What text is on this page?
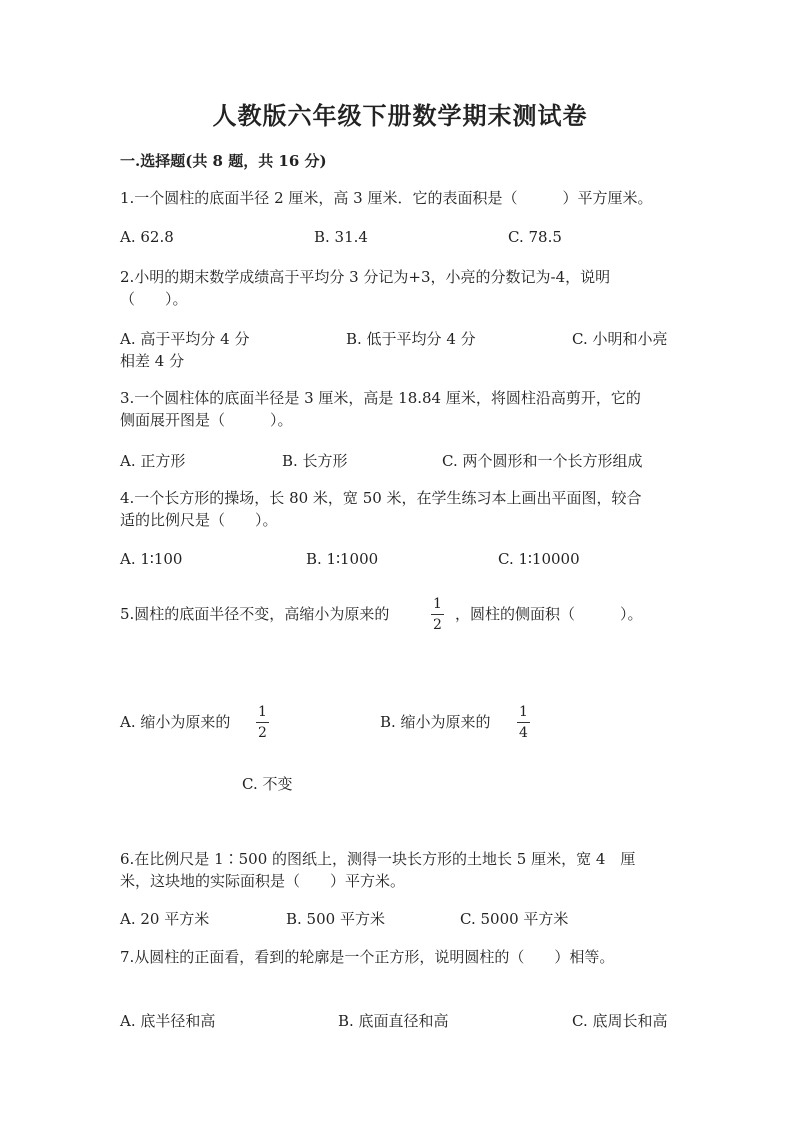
人教版六年级下册数学期末测试卷
一.选择题(共 8 题，共 16 分)
1.一个圆柱的底面半径 2 厘米，高 3 厘米．它的表面积是（　　　）平方厘米。
A. 62.8	B. 31.4	C. 78.5
2.小明的期末数学成绩高于平均分 3 分记为+3，小亮的分数记为-4，说明
（　　）。
A. 高于平均分 4 分	B. 低于平均分 4 分	C. 小明和小亮
相差 4 分
3.一个圆柱体的底面半径是 3 厘米，高是 18.84 厘米，将圆柱沿高剪开，它的
侧面展开图是（　　　）。
A. 正方形	B. 长方形	C. 两个圆形和一个长方形组成
4.一个长方形的操场，长 80 米，宽 50 米，在学生练习本上画出平面图，较合
适的比例尺是（　　）。
A. 1∶100	B. 1∶1000	C. 1∶10000
5.圆柱的底面半径不变，高缩小为原来的	$\frac{1}{2}$ ，圆柱的侧面积（　　　）。
A. 缩小为原来的 $\frac{1}{2}$	B. 缩小为原来的 $\frac{1}{4}$
C. 不变
6.在比例尺是 1∶500 的图纸上，测得一块长方形的土地长 5 厘米，宽 4　厘
米，这块地的实际面积是（　　）平方米。
A. 20 平方米	B. 500 平方米	C. 5000 平方米
7.从圆柱的正面看，看到的轮廓是一个正方形，说明圆柱的（　　）相等。
A. 底半径和高	B. 底面直径和高	C. 底周长和高
